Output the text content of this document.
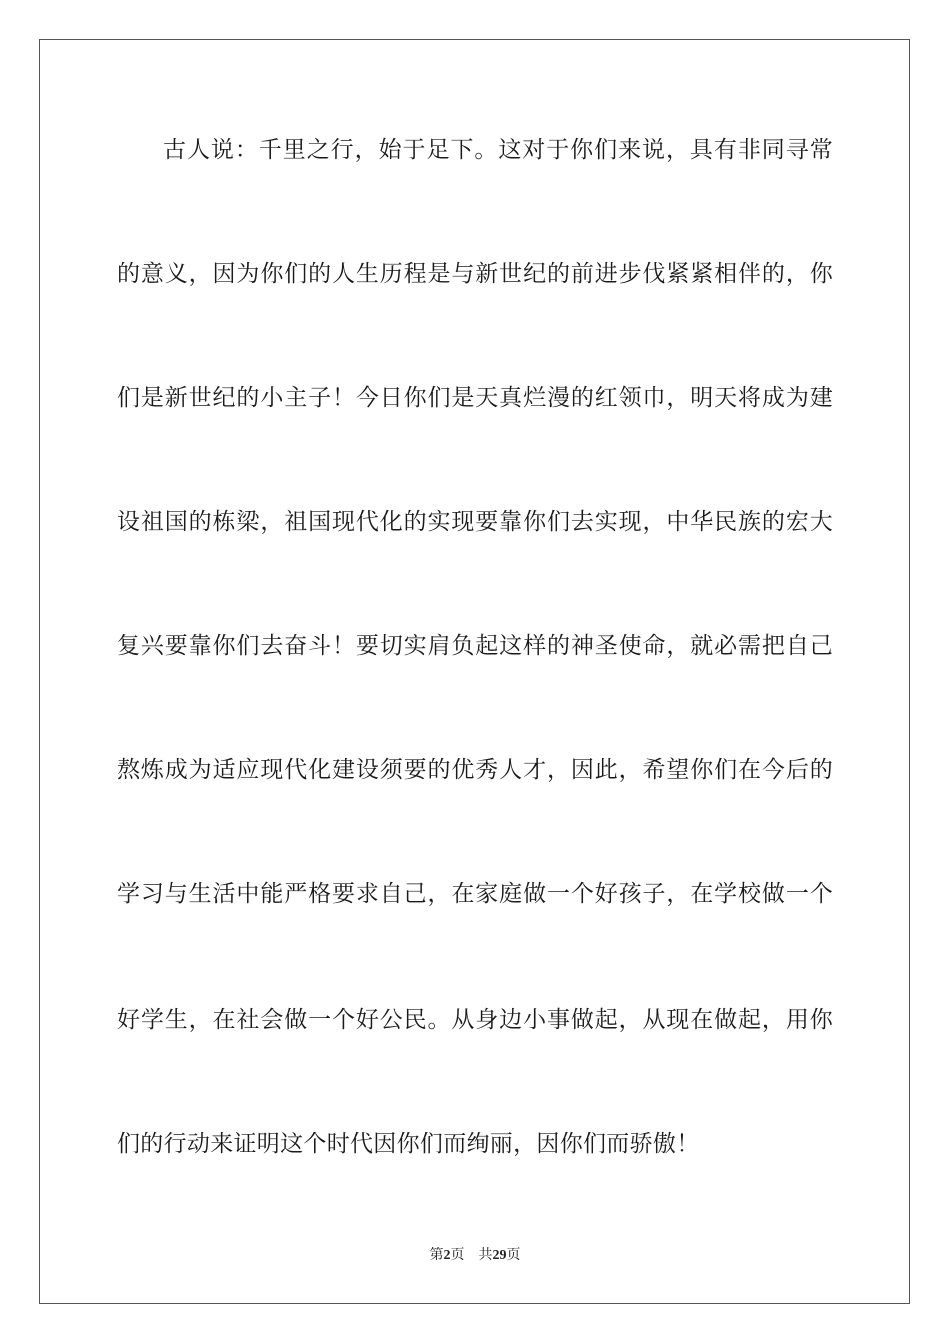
古人说：千里之行，始于足下。这对于你们来说，具有非同寻常
的意义，因为你们的人生历程是与新世纪的前进步伐紧紧相伴的，你
们是新世纪的小主子！今日你们是天真烂漫的红领巾，明天将成为建
设祖国的栋梁，祖国现代化的实现要靠你们去实现，中华民族的宏大
复兴要靠你们去奋斗！要切实肩负起这样的神圣使命，就必需把自己
熬炼成为适应现代化建设须要的优秀人才，因此，希望你们在今后的
学习与生活中能严格要求自己，在家庭做一个好孩子，在学校做一个
好学生，在社会做一个好公民。从身边小事做起，从现在做起，用你
们的行动来证明这个时代因你们而绚丽，因你们而骄傲！
第2页 共29页
